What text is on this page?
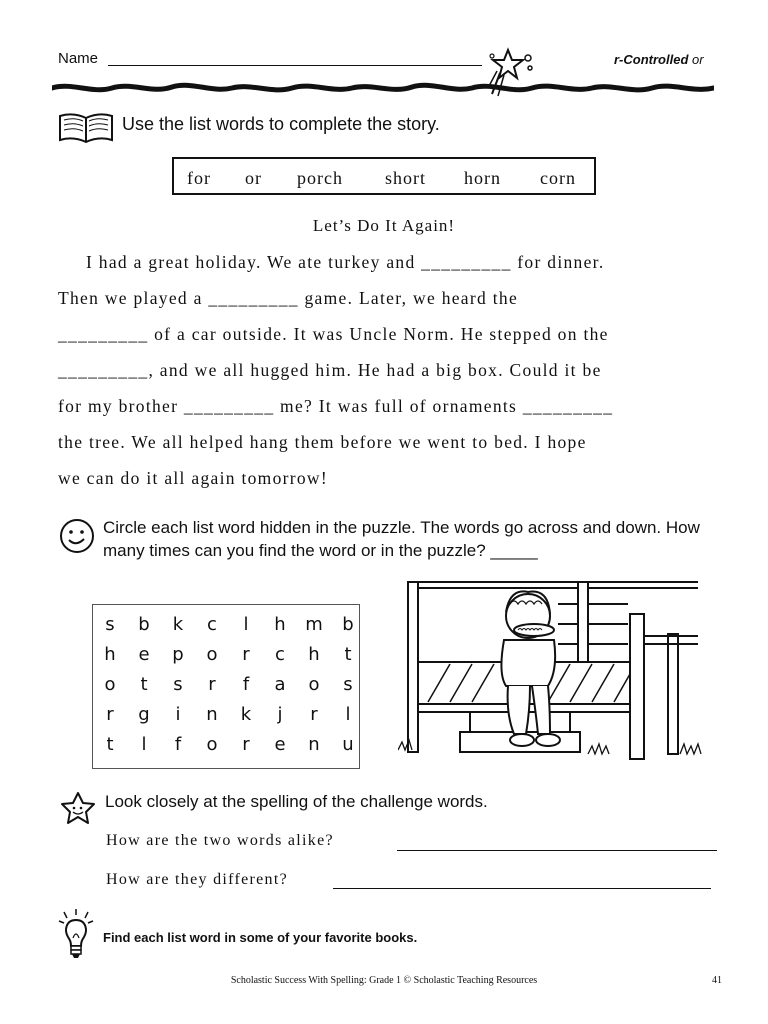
Name	r-Controlled or
Use the list words to complete the story.
for or porch short horn corn
Let’s Do It Again!
I had a great holiday. We ate turkey and _________ for dinner.
Then we played a _________ game. Later, we heard the
_________ of a car outside. It was Uncle Norm. He stepped on the
_________, and we all hugged him. He had a big box. Could it be
for my brother _________ me? It was full of ornaments _________
the tree. We all helped hang them before we went to bed. I hope
we can do it all again tomorrow!
Circle each list word hidden in the puzzle. The words go across and down. How many times can you find the word or in the puzzle? _____
s	b	k	c	l	h	m	b
h	e	p	o	r	c	h	t
o	t	s	r	f	a	o	s
r	g	i	n	k	j	r	l
t	l	f	o	r	e	n	u
Look closely at the spelling of the challenge words.
How are the two words alike?
How are they different?
Find each list word in some of your favorite books.
Scholastic Success With Spelling: Grade 1 © Scholastic Teaching Resources	41
